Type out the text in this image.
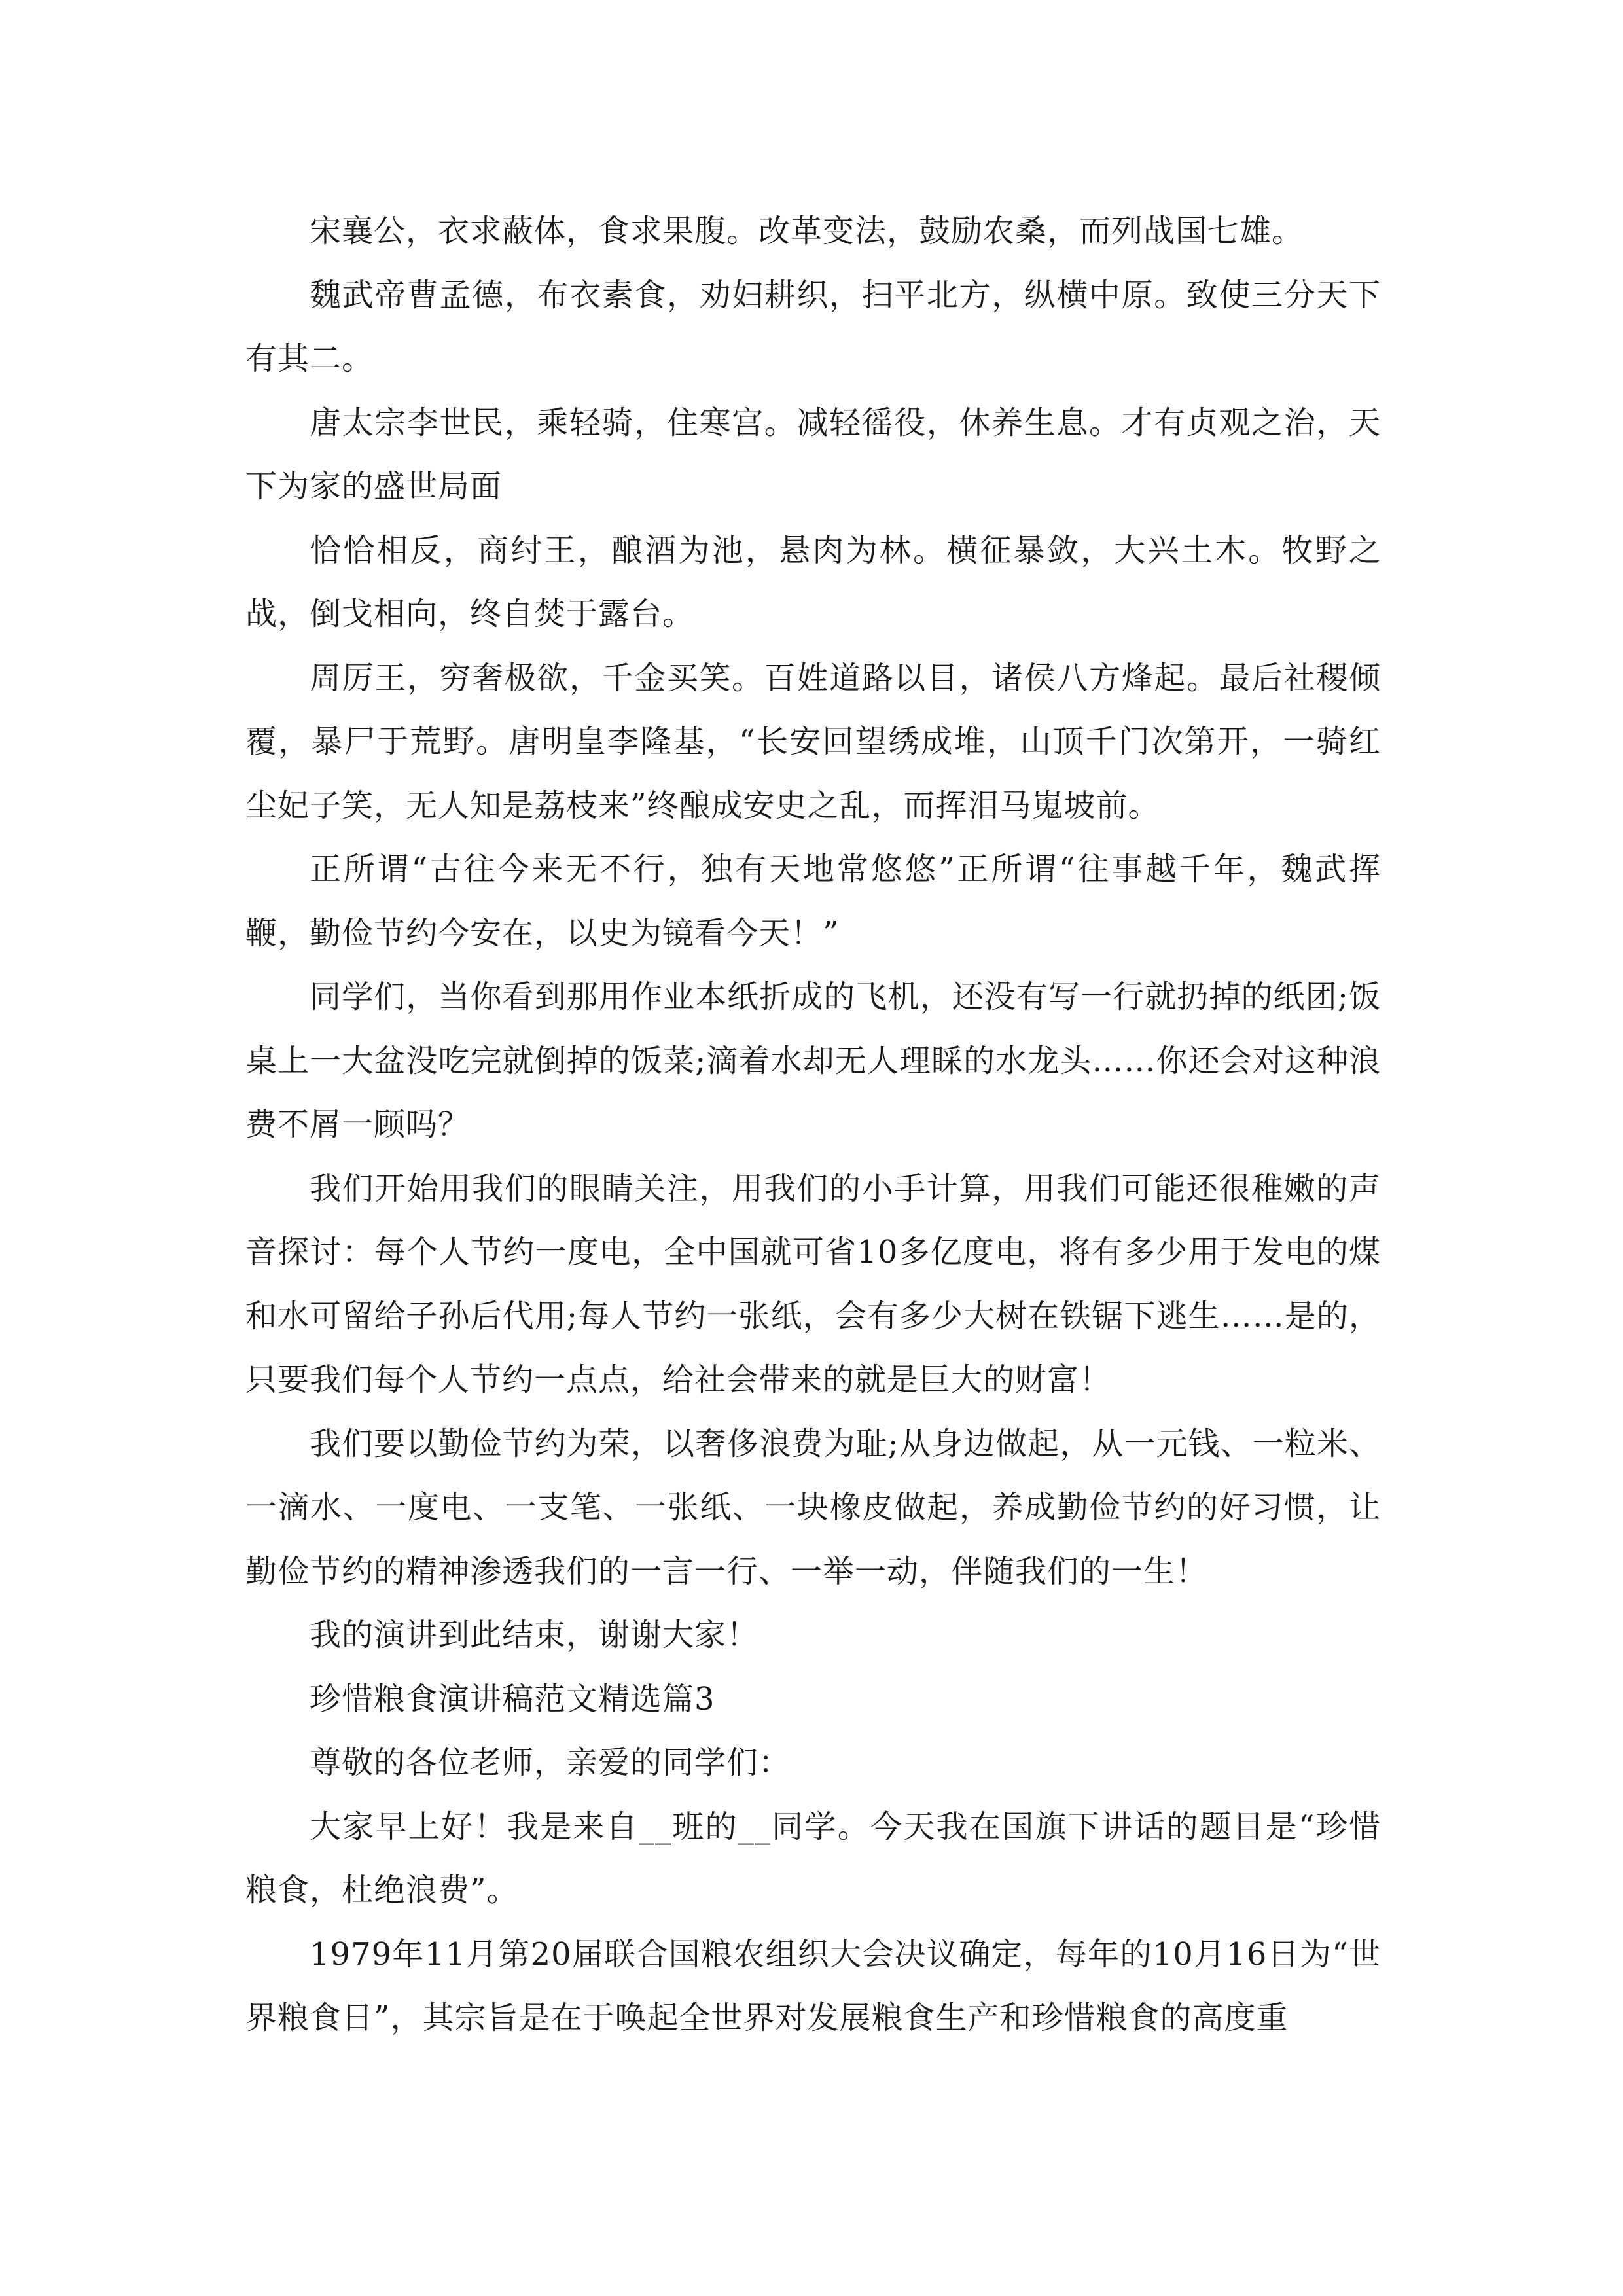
宋襄公，衣求蔽体，食求果腹。改革变法，鼓励农桑，而列战国七雄。

魏武帝曹孟德，布衣素食，劝妇耕织，扫平北方，纵横中原。致使三分天下有其二。

唐太宗李世民，乘轻骑，住寒宫。减轻徭役，休养生息。才有贞观之治，天下为家的盛世局面

恰恰相反，商纣王，酿酒为池，悬肉为林。横征暴敛，大兴土木。牧野之战，倒戈相向，终自焚于露台。

周厉王，穷奢极欲，千金买笑。百姓道路以目，诸侯八方烽起。最后社稷倾覆，暴尸于荒野。唐明皇李隆基，“长安回望绣成堆，山顶千门次第开，一骑红尘妃子笑，无人知是荔枝来”终酿成安史之乱，而挥泪马嵬坡前。

正所谓“古往今来无不行，独有天地常悠悠”正所谓“往事越千年，魏武挥鞭，勤俭节约今安在，以史为镜看今天！”

同学们，当你看到那用作业本纸折成的飞机，还没有写一行就扔掉的纸团;饭桌上一大盆没吃完就倒掉的饭菜;滴着水却无人理睬的水龙头……你还会对这种浪费不屑一顾吗？

我们开始用我们的眼睛关注，用我们的小手计算，用我们可能还很稚嫩的声音探讨：每个人节约一度电，全中国就可省10多亿度电，将有多少用于发电的煤和水可留给子孙后代用;每人节约一张纸，会有多少大树在铁锯下逃生……是的，只要我们每个人节约一点点，给社会带来的就是巨大的财富！

我们要以勤俭节约为荣，以奢侈浪费为耻;从身边做起，从一元钱、一粒米、一滴水、一度电、一支笔、一张纸、一块橡皮做起，养成勤俭节约的好习惯，让勤俭节约的精神渗透我们的一言一行、一举一动，伴随我们的一生！

我的演讲到此结束，谢谢大家！

珍惜粮食演讲稿范文精选篇3

尊敬的各位老师，亲爱的同学们：

大家早上好！我是来自__班的__同学。今天我在国旗下讲话的题目是“珍惜粮食，杜绝浪费”。

1979年11月第20届联合国粮农组织大会决议确定，每年的10月16日为“世界粮食日”，其宗旨是在于唤起全世界对发展粮食生产和珍惜粮食的高度重
